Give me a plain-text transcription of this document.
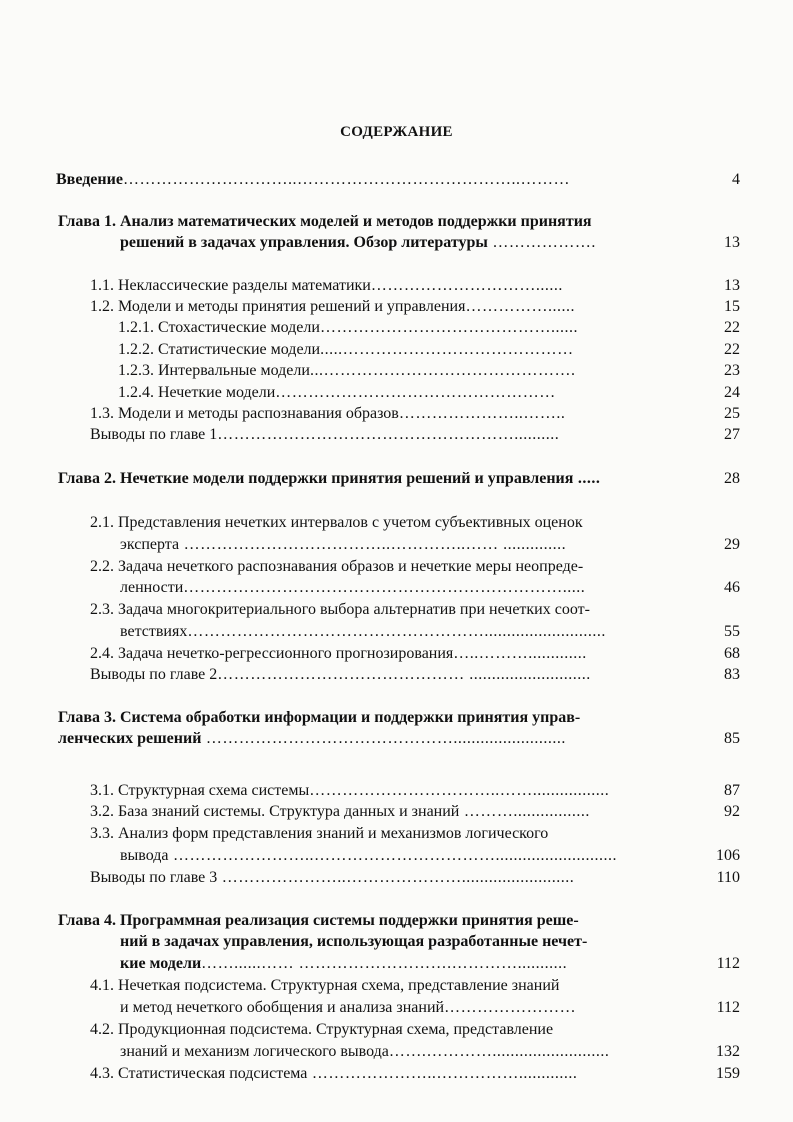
СОДЕРЖАНИЕ
Введение…………………………..…………………………………..………	4
Глава 1. Анализ математических моделей и методов поддержки принятия
решений в задачах управления. Обзор литературы ……………….	13
1.1. Неклассические разделы математики…………………………......	13
1.2. Модели и методы принятия решений и управления……………......	15
1.2.1. Стохастические модели……………………………………......	22
1.2.2. Статистические модели.....……………………………………	22
1.2.3. Интервальные модели...……………………………………….	23
1.2.4. Нечеткие модели……………………………………………	24
1.3. Модели и методы распознавания образов…………………..……..	25
Выводы по главе 1………………………………………………..........	27
Глава 2. Нечеткие модели поддержки принятия решений и управления .....	28
2.1. Представления нечетких интервалов с учетом субъективных оценок
эксперта ………………………………..…………..…… ..............	29
2.2. Задача нечеткого распознавания образов и нечеткие меры неопреде-
ленности…………………………………………………………….....	46
2.3. Задача многокритериального выбора альтернатив при нечетких соот-
ветствиях………………………………………………...........................	55
2.4. Задача нечетко-регрессионного прогнозирования…..……….............	68
Выводы по главе 2……………………………………… ...........................	83
Глава 3. Система обработки информации и поддержки принятия управ-
ленческих решений ……………………………………….........................	85
3.1. Структурная схема системы……………………………..…….................	87
3.2. База знаний системы. Структура данных и знаний ……….................	92
3.3. Анализ форм представления знаний и механизмов логического
вывода ……………………..……………………………...........................	106
Выводы по главе 3 …………………..………………….........................	110
Глава 4. Программная реализация системы поддержки принятия реше-
ний в задачах управления, использующая разработанные нечет-
кие модели……......…… ……………………….…………...........	112
4.1. Нечеткая подсистема. Структурная схема, представление знаний
и метод нечеткого обобщения и анализа знаний……………………	112
4.2. Продукционная подсистема. Структурная схема, представление
знаний и механизм логического вывода…….…………..........................	132
4.3. Статистическая подсистема …………………..…………….............	159
